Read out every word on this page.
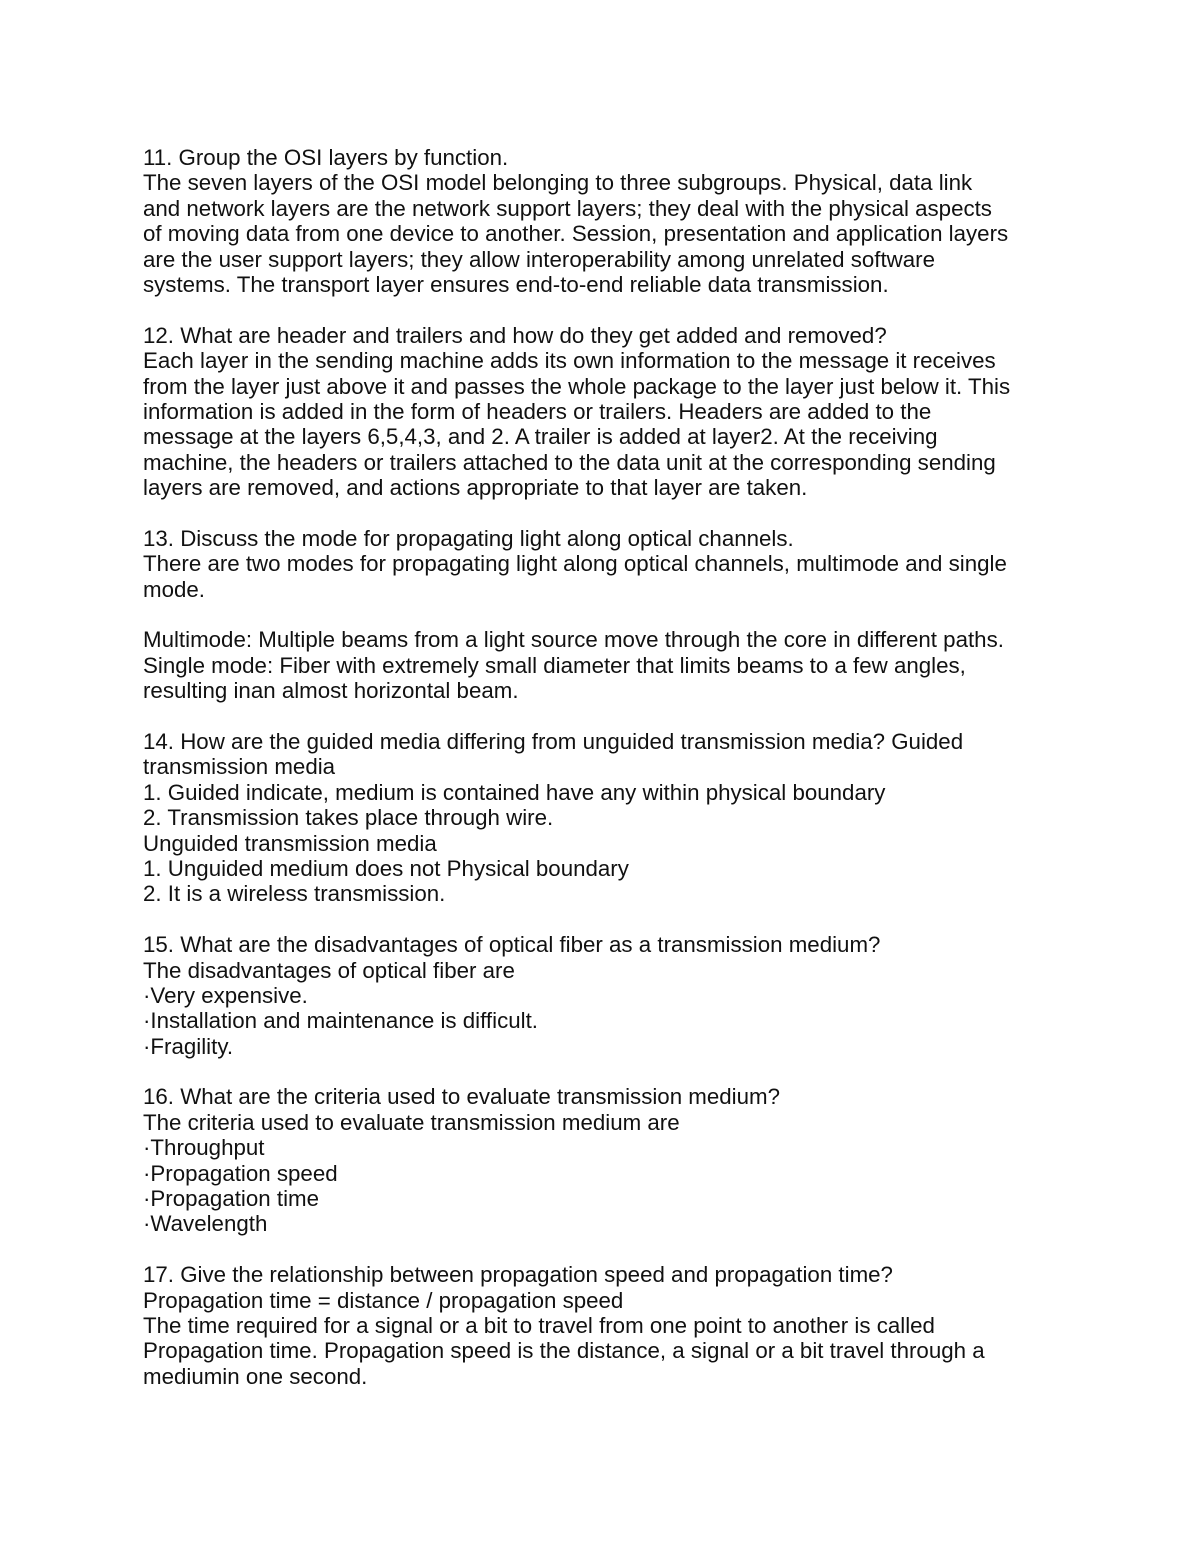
11. Group the OSI layers by function.
The seven layers of the OSI model belonging to three subgroups. Physical, data link
and network layers are the network support layers; they deal with the physical aspects
of moving data from one device to another. Session, presentation and application layers
are the user support layers; they allow interoperability among unrelated software
systems. The transport layer ensures end-to-end reliable data transmission.
12. What are header and trailers and how do they get added and removed?
Each layer in the sending machine adds its own information to the message it receives
from the layer just above it and passes the whole package to the layer just below it. This
information is added in the form of headers or trailers. Headers are added to the
message at the layers 6,5,4,3, and 2. A trailer is added at layer2. At the receiving
machine, the headers or trailers attached to the data unit at the corresponding sending
layers are removed, and actions appropriate to that layer are taken.
13. Discuss the mode for propagating light along optical channels.
There are two modes for propagating light along optical channels, multimode and single
mode.
Multimode: Multiple beams from a light source move through the core in different paths.
Single mode: Fiber with extremely small diameter that limits beams to a few angles,
resulting inan almost horizontal beam.
14. How are the guided media differing from unguided transmission media? Guided
transmission media
1. Guided indicate, medium is contained have any within physical boundary
2. Transmission takes place through wire.
Unguided transmission media
1. Unguided medium does not Physical boundary
2. It is a wireless transmission.
15. What are the disadvantages of optical fiber as a transmission medium?
The disadvantages of optical fiber are
·Very expensive.
·Installation and maintenance is difficult.
·Fragility.
16. What are the criteria used to evaluate transmission medium?
The criteria used to evaluate transmission medium are
·Throughput
·Propagation speed
·Propagation time
·Wavelength
17. Give the relationship between propagation speed and propagation time?
Propagation time = distance / propagation speed
The time required for a signal or a bit to travel from one point to another is called
Propagation time. Propagation speed is the distance, a signal or a bit travel through a
mediumin one second.
